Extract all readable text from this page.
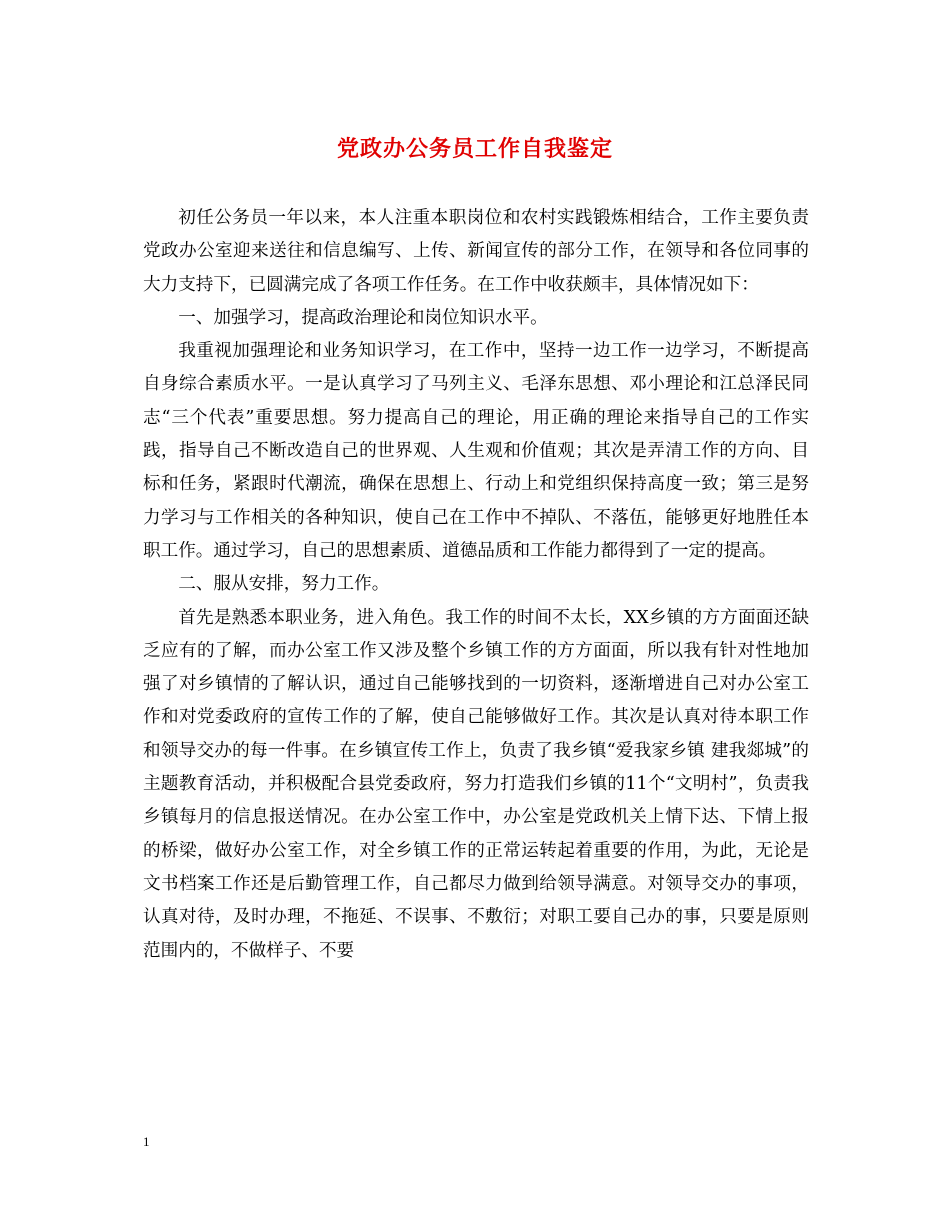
党政办公务员工作自我鉴定

初任公务员一年以来，本人注重本职岗位和农村实践锻炼相结合，工作主要负责党政办公室迎来送往和信息编写、上传、新闻宣传的部分工作，在领导和各位同事的大力支持下，已圆满完成了各项工作任务。在工作中收获颇丰，具体情况如下：

一、加强学习，提高政治理论和岗位知识水平。

我重视加强理论和业务知识学习，在工作中，坚持一边工作一边学习，不断提高自身综合素质水平。一是认真学习了马列主义、毛泽东思想、邓小理论和江总泽民同志“三个代表”重要思想。努力提高自己的理论，用正确的理论来指导自己的工作实践，指导自己不断改造自己的世界观、人生观和价值观；其次是弄清工作的方向、目标和任务，紧跟时代潮流，确保在思想上、行动上和党组织保持高度一致；第三是努力学习与工作相关的各种知识，使自己在工作中不掉队、不落伍，能够更好地胜任本职工作。通过学习，自己的思想素质、道德品质和工作能力都得到了一定的提高。

二、服从安排，努力工作。

首先是熟悉本职业务，进入角色。我工作的时间不太长，XX乡镇的方方面面还缺乏应有的了解，而办公室工作又涉及整个乡镇工作的方方面面，所以我有针对性地加强了对乡镇情的了解认识，通过自己能够找到的一切资料，逐渐增进自己对办公室工作和对党委政府的宣传工作的了解，使自己能够做好工作。其次是认真对待本职工作和领导交办的每一件事。在乡镇宣传工作上，负责了我乡镇“爱我家乡镇 建我郯城”的主题教育活动，并积极配合县党委政府，努力打造我们乡镇的11个“文明村”，负责我乡镇每月的信息报送情况。在办公室工作中，办公室是党政机关上情下达、下情上报的桥梁，做好办公室工作，对全乡镇工作的正常运转起着重要的作用，为此，无论是文书档案工作还是后勤管理工作，自己都尽力做到给领导满意。对领导交办的事项，认真对待，及时办理，不拖延、不误事、不敷衍；对职工要自己办的事，只要是原则范围内的，不做样子、不要

1
